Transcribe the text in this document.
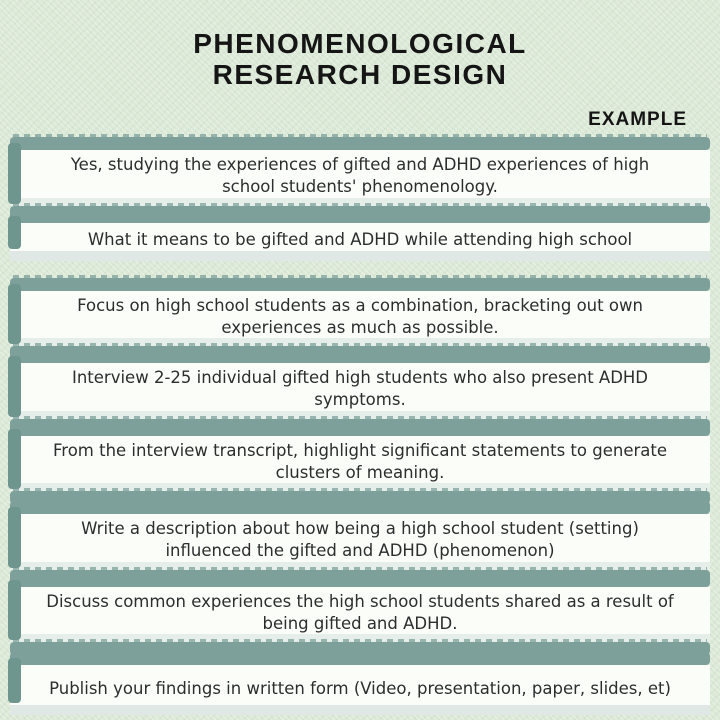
PHENOMENOLOGICAL
RESEARCH DESIGN
EXAMPLE

Yes, studying the experiences of gifted and ADHD experiences of high school students' phenomenology.

What it means to be gifted and ADHD while attending high school

Focus on high school students as a combination, bracketing out own experiences as much as possible.

Interview 2-25 individual gifted high students who also present ADHD symptoms.

From the interview transcript, highlight significant statements to generate clusters of meaning.

Write a description about how being a high school student (setting) influenced the gifted and ADHD (phenomenon)

Discuss common experiences the high school students shared as a result of being gifted and ADHD.

Publish your findings in written form (Video, presentation, paper, slides, et)
